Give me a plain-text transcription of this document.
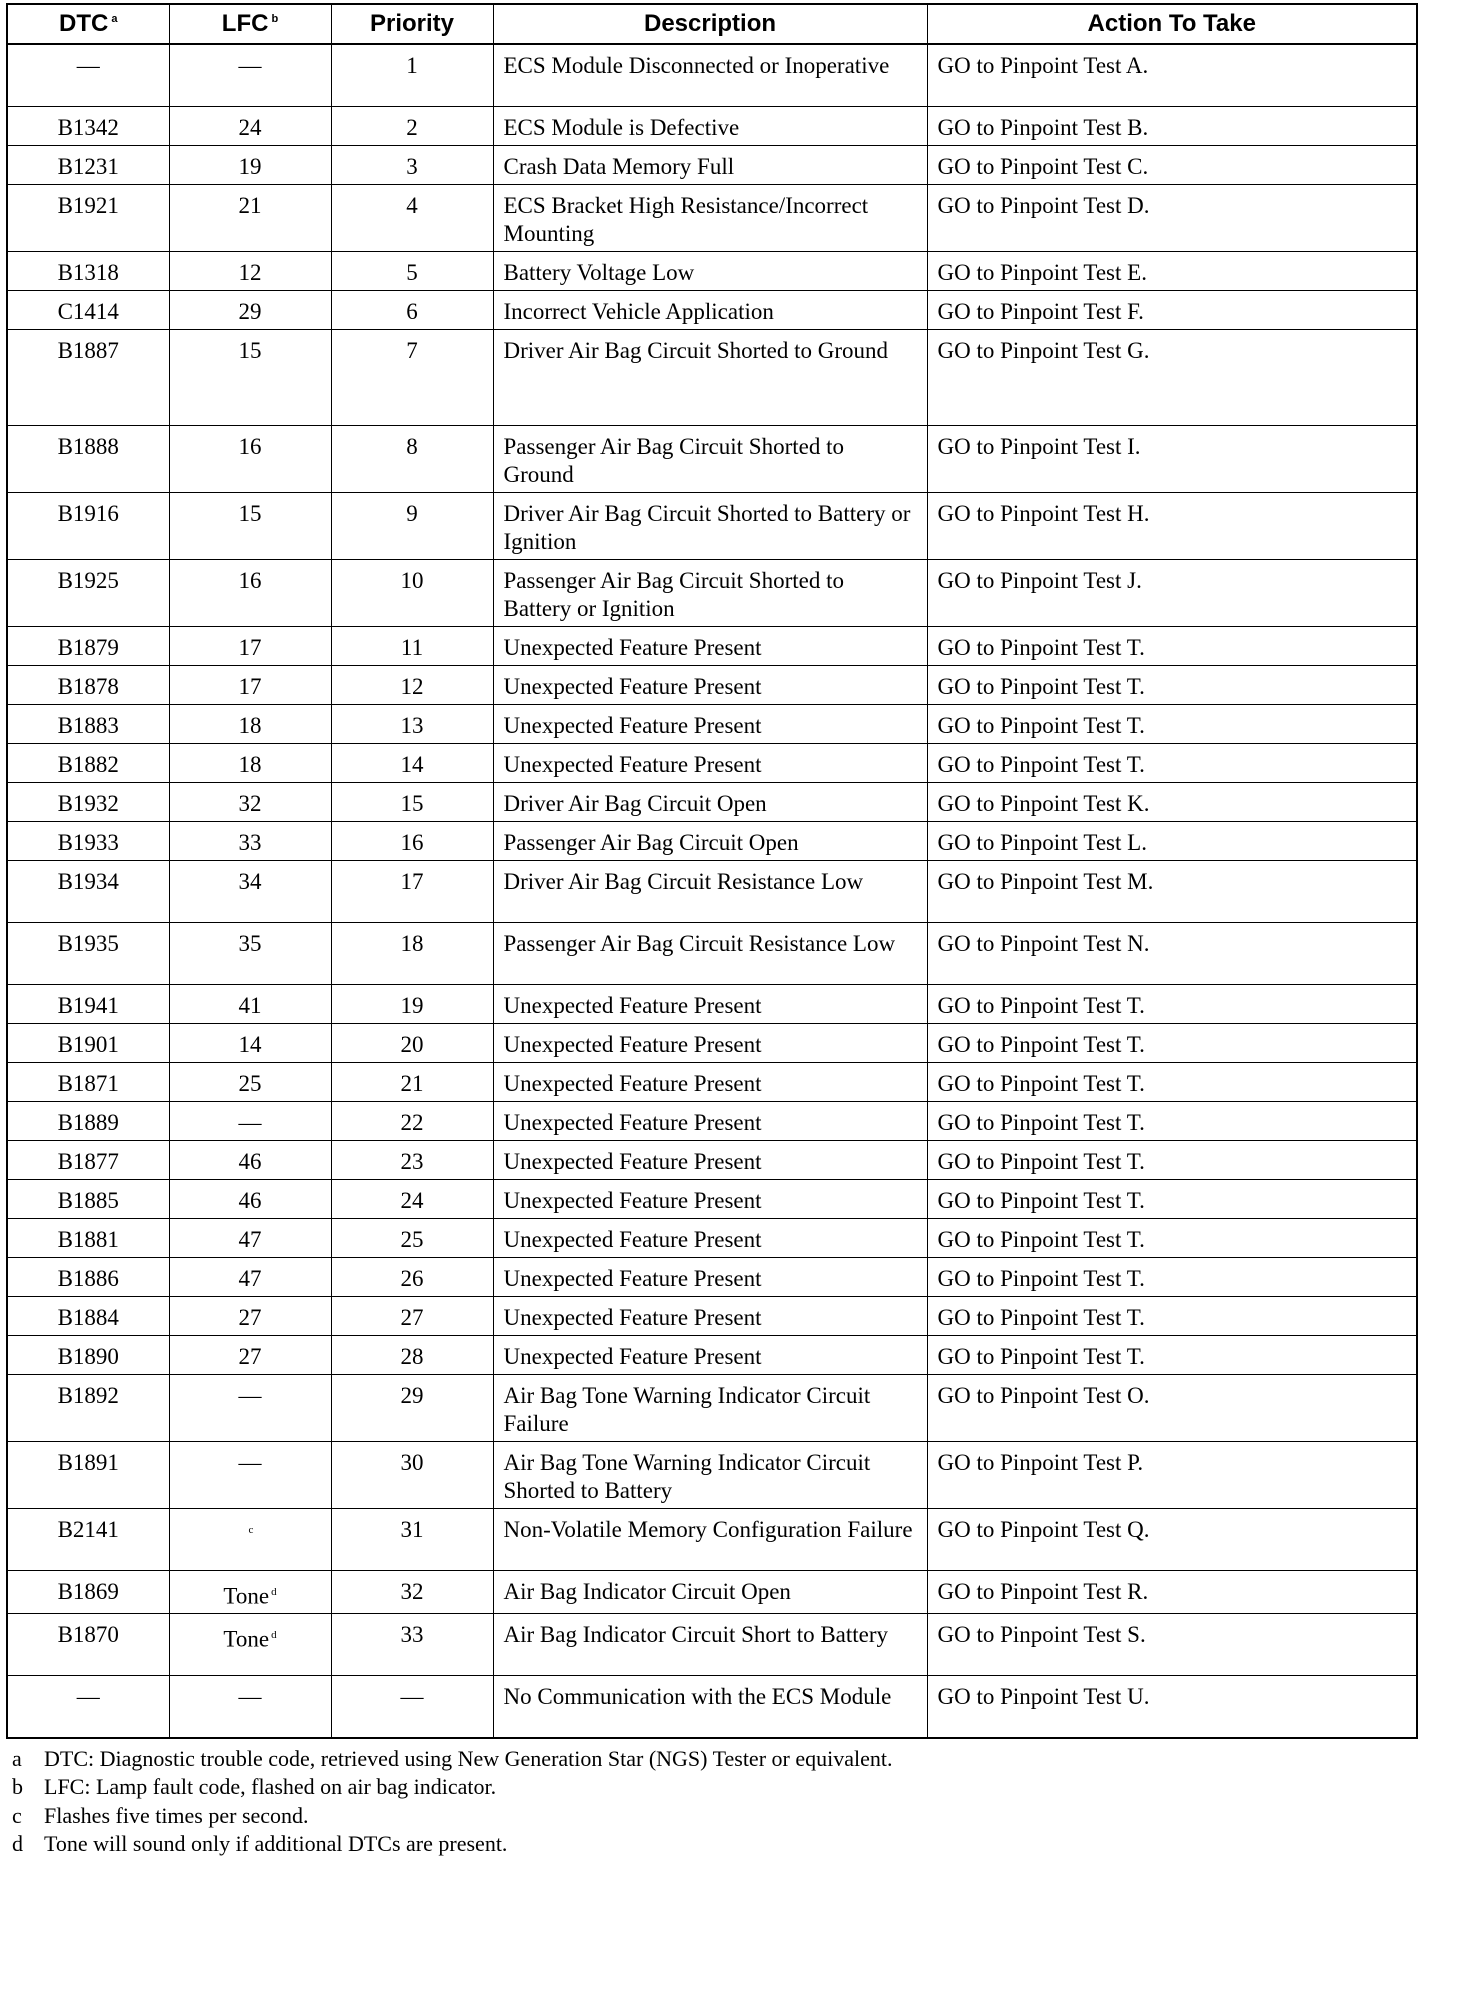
DTC $^a$	LFC $^b$	Priority	Description	Action To Take
—	—	1	ECS Module Disconnected or Inoperative	GO to Pinpoint Test A.
B1342	24	2	ECS Module is Defective	GO to Pinpoint Test B.
B1231	19	3	Crash Data Memory Full	GO to Pinpoint Test C.
B1921	21	4	ECS Bracket High Resistance/Incorrect Mounting	GO to Pinpoint Test D.
B1318	12	5	Battery Voltage Low	GO to Pinpoint Test E.
C1414	29	6	Incorrect Vehicle Application	GO to Pinpoint Test F.
B1887	15	7	Driver Air Bag Circuit Shorted to Ground	GO to Pinpoint Test G.
B1888	16	8	Passenger Air Bag Circuit Shorted to Ground	GO to Pinpoint Test I.
B1916	15	9	Driver Air Bag Circuit Shorted to Battery or Ignition	GO to Pinpoint Test H.
B1925	16	10	Passenger Air Bag Circuit Shorted to Battery or Ignition	GO to Pinpoint Test J.
B1879	17	11	Unexpected Feature Present	GO to Pinpoint Test T.
B1878	17	12	Unexpected Feature Present	GO to Pinpoint Test T.
B1883	18	13	Unexpected Feature Present	GO to Pinpoint Test T.
B1882	18	14	Unexpected Feature Present	GO to Pinpoint Test T.
B1932	32	15	Driver Air Bag Circuit Open	GO to Pinpoint Test K.
B1933	33	16	Passenger Air Bag Circuit Open	GO to Pinpoint Test L.
B1934	34	17	Driver Air Bag Circuit Resistance Low	GO to Pinpoint Test M.
B1935	35	18	Passenger Air Bag Circuit Resistance Low	GO to Pinpoint Test N.
B1941	41	19	Unexpected Feature Present	GO to Pinpoint Test T.
B1901	14	20	Unexpected Feature Present	GO to Pinpoint Test T.
B1871	25	21	Unexpected Feature Present	GO to Pinpoint Test T.
B1889	—	22	Unexpected Feature Present	GO to Pinpoint Test T.
B1877	46	23	Unexpected Feature Present	GO to Pinpoint Test T.
B1885	46	24	Unexpected Feature Present	GO to Pinpoint Test T.
B1881	47	25	Unexpected Feature Present	GO to Pinpoint Test T.
B1886	47	26	Unexpected Feature Present	GO to Pinpoint Test T.
B1884	27	27	Unexpected Feature Present	GO to Pinpoint Test T.
B1890	27	28	Unexpected Feature Present	GO to Pinpoint Test T.
B1892	—	29	Air Bag Tone Warning Indicator Circuit Failure	GO to Pinpoint Test O.
B1891	—	30	Air Bag Tone Warning Indicator Circuit Shorted to Battery	GO to Pinpoint Test P.
B2141	$^c$	31	Non-Volatile Memory Configuration Failure	GO to Pinpoint Test Q.
B1869	Tone $^d$	32	Air Bag Indicator Circuit Open	GO to Pinpoint Test R.
B1870	Tone $^d$	33	Air Bag Indicator Circuit Short to Battery	GO to Pinpoint Test S.
—	—	—	No Communication with the ECS Module	GO to Pinpoint Test U.
a	DTC: Diagnostic trouble code, retrieved using New Generation Star (NGS) Tester or equivalent.
b LFC: Lamp fault code, flashed on air bag indicator.
c	Flashes five times per second.
d Tone will sound only if additional DTCs are present.
